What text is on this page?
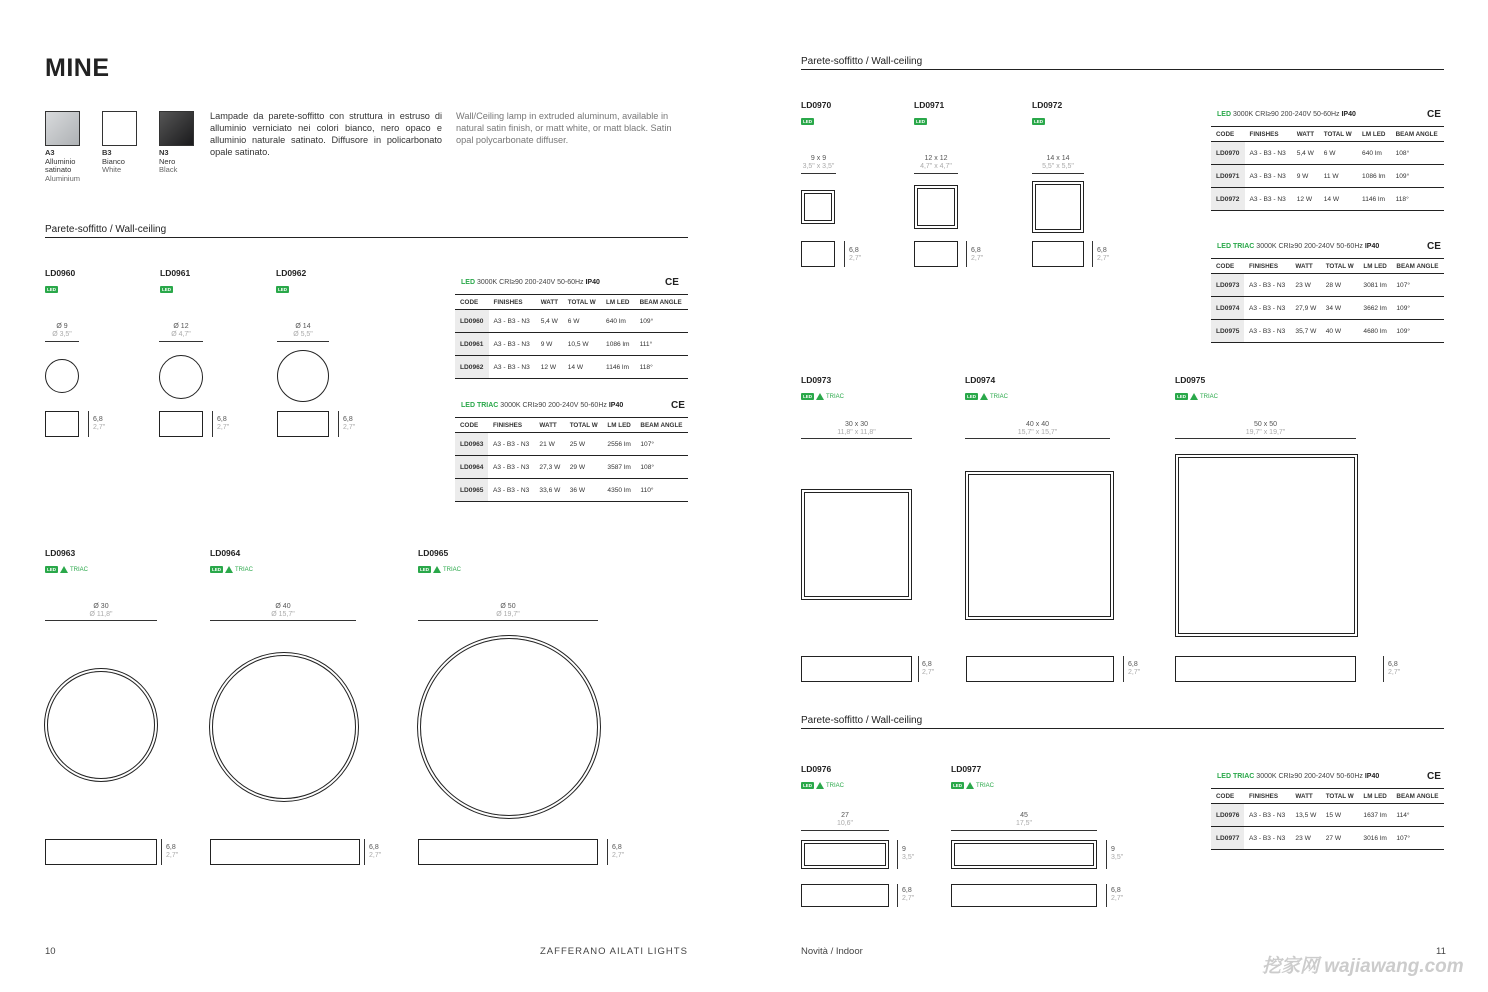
MINE
A3
Alluminio satinato
Aluminium
B3
Bianco
White
N3
Nero
Black
Lampade da parete-soffitto con struttura in estruso di alluminio verniciato nei colori bianco, nero opaco e alluminio naturale satinato. Diffusore in policarbonato opale satinato.
Wall/Ceiling lamp in extruded aluminum, available in natural satin finish, or matt white, or matt black. Satin opal polycarbonate diffuser.
Parete-soffitto / Wall-ceiling
LD0960
LED
LD0961
LED
LD0962
LED
Ø 9
Ø 3,5"
6,8
2,7"
Ø 12
Ø 4,7"
6,8
2,7"
Ø 14
Ø 5,5"
6,8
2,7"
LED 3000K CRI≥90 200-240V 50-60Hz IP40	CE
CODE	FINISHES	WATT	TOTAL W	LM LED	BEAM ANGLE
LD0960	A3 - B3 - N3	5,4 W	6 W	640 lm	109°
LD0961	A3 - B3 - N3	9 W	10,5 W	1086 lm	111°
LD0962	A3 - B3 - N3	12 W	14 W	1146 lm	118°
LED TRIAC 3000K CRI≥90 200-240V 50-60Hz IP40	CE
CODE	FINISHES	WATT	TOTAL W	LM LED	BEAM ANGLE
LD0963	A3 - B3 - N3	21 W	25 W	2556 lm	107°
LD0964	A3 - B3 - N3	27,3 W	29 W	3587 lm	108°
LD0965	A3 - B3 - N3	33,6 W	36 W	4350 lm	110°
LD0963
LED TRIAC
LD0964
LED TRIAC
LD0965
LED TRIAC
Ø 30
Ø 11,8"
6,8
2,7"
Ø 40
Ø 15,7"
6,8
2,7"
Ø 50
Ø 19,7"
6,8
2,7"
10	ZAFFERANO AILATI LIGHTS
Parete-soffitto / Wall-ceiling
LD0970
LED
LD0971
LED
LD0972
LED
9 x 9
3,5" x 3,5"
6,8
2,7"
12 x 12
4,7" x 4,7"
6,8
2,7"
14 x 14
5,5" x 5,5"
6,8
2,7"
LED 3000K CRI≥90 200-240V 50-60Hz IP40	CE
CODE	FINISHES	WATT	TOTAL W	LM LED	BEAM ANGLE
LD0970	A3 - B3 - N3	5,4 W	6 W	640 lm	108°
LD0971	A3 - B3 - N3	9 W	11 W	1086 lm	109°
LD0972	A3 - B3 - N3	12 W	14 W	1146 lm	118°
LED TRIAC 3000K CRI≥90 200-240V 50-60Hz IP40	CE
CODE	FINISHES	WATT	TOTAL W	LM LED	BEAM ANGLE
LD0973	A3 - B3 - N3	23 W	28 W	3081 lm	107°
LD0974	A3 - B3 - N3	27,9 W	34 W	3662 lm	109°
LD0975	A3 - B3 - N3	35,7 W	40 W	4680 lm	109°
LD0973
LED TRIAC
LD0974
LED TRIAC
LD0975
LED TRIAC
30 x 30
11,8" x 11,8"
6,8
2,7"
40 x 40
15,7" x 15,7"
6,8
2,7"
50 x 50
19,7" x 19,7"
6,8
2,7"
Parete-soffitto / Wall-ceiling
LD0976
LED TRIAC
LD0977
LED TRIAC
27
10,6"
9
3,5"
6,8
2,7"
45
17,5"
9
3,5"
6,8
2,7"
LED TRIAC 3000K CRI≥90 200-240V 50-60Hz IP40	CE
CODE	FINISHES	WATT	TOTAL W	LM LED	BEAM ANGLE
LD0976	A3 - B3 - N3	13,5 W	15 W	1637 lm	114°
LD0977	A3 - B3 - N3	23 W	27 W	3016 lm	107°
Novità / Indoor	11
挖家网 wajiawang.com
